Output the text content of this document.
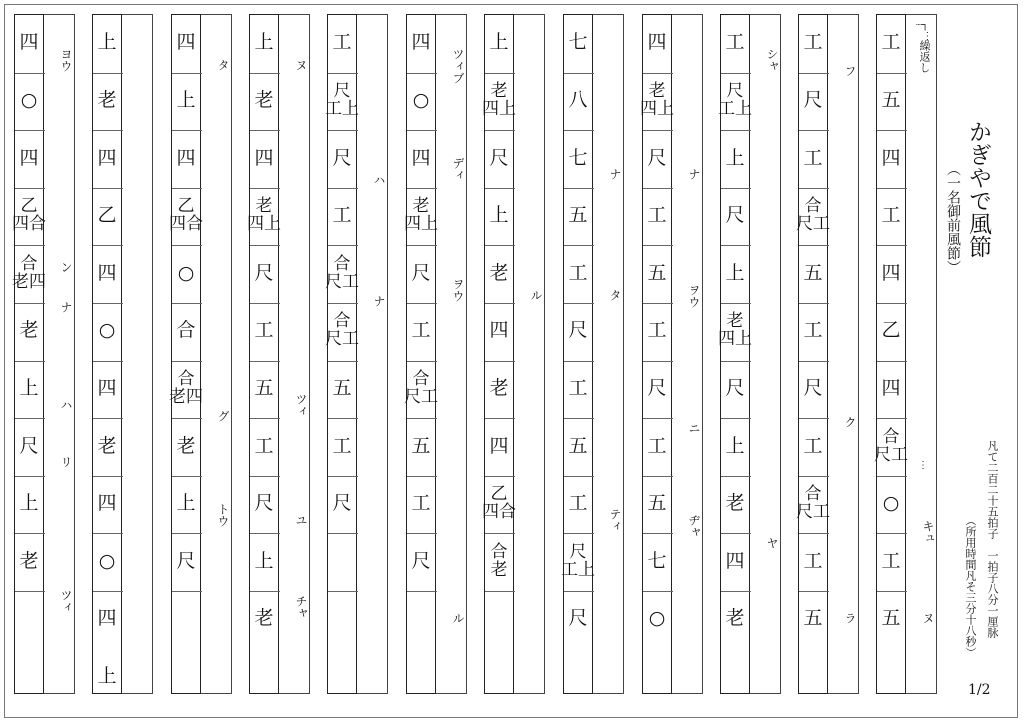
かぎやで風節
（一名御前風節）
凡て二百二十五拍子　一拍子八分一厘脉
（所用時間凡そ三分十八秒）
1/2
┈┐
⋮
繰返し
⋮
工
五
四
工
四
乙
四
合
尺工
○
工
五	ヌ
キュ
工
尺
工
合
尺工
五
工
尺
工
合
尺工
工
五
フ
ク
ラ
工
尺
工上
上
尺
上
老
四上
尺
上
老
四
老
シャ
ヤ
四
老
四上
尺
工
五
工
尺
工
五
七
○
ナ
ヲウ
ニ
ヂャ
七
八
七
五
工
尺
工
五
工
尺
工上
尺
ナ
タ
ティ
上
老
四上
尺
上
老
四
老
四
乙
四合
合
老
ル
四
○
四
老
四上
尺
工
合
尺工
五
工
尺
ツィブ
ディ
ヲウ
ル
工
尺
工上
尺
工
合
尺工
合
尺工
五
工
尺
ハ
ナ
上
老
四
老
四上
尺
工
五
工
尺
上
老
ヌ
ツィ
ユ
チャ
四
上
四
乙
四合
○
合
合
老四
老
上
尺
タ
グ
トウ
上
老
四
乙
四
○
四
老
四
○
四
上
四
○
四
乙
四合
合
老四
老
上
尺
上
老
ヨウ
ン
ナ
ハ
リ
ツィ
